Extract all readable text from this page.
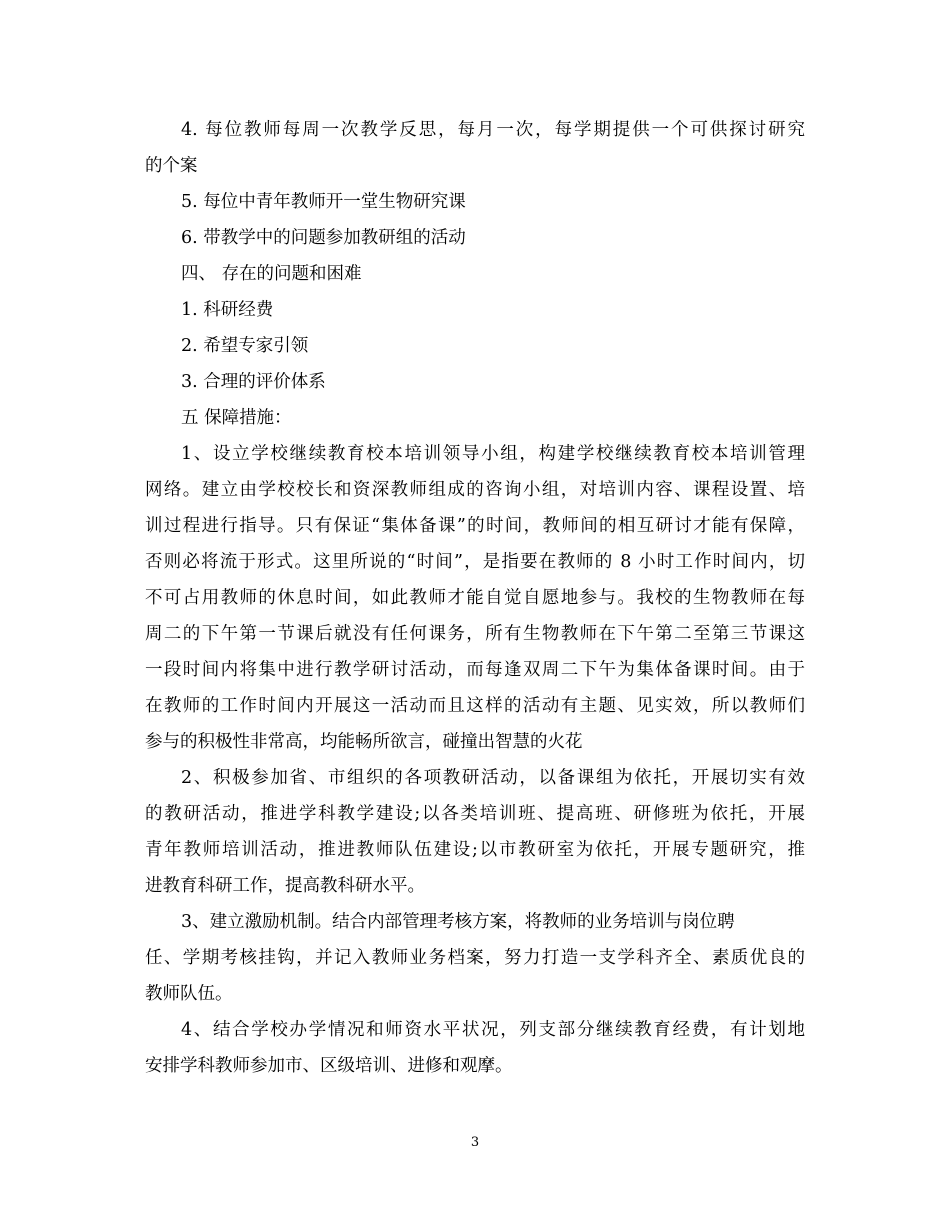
4. 每位教师每周一次教学反思，每月一次，每学期提供一个可供探讨研究
的个案
5. 每位中青年教师开一堂生物研究课
6. 带教学中的问题参加教研组的活动
四、 存在的问题和困难
1. 科研经费
2. 希望专家引领
3. 合理的评价体系
五 保障措施：
1、设立学校继续教育校本培训领导小组，构建学校继续教育校本培训管理
网络。建立由学校校长和资深教师组成的咨询小组，对培训内容、课程设置、培
训过程进行指导。只有保证“集体备课”的时间，教师间的相互研讨才能有保障，
否则必将流于形式。这里所说的“时间”，是指要在教师的 8 小时工作时间内，切
不可占用教师的休息时间，如此教师才能自觉自愿地参与。我校的生物教师在每
周二的下午第一节课后就没有任何课务，所有生物教师在下午第二至第三节课这
一段时间内将集中进行教学研讨活动，而每逢双周二下午为集体备课时间。由于
在教师的工作时间内开展这一活动而且这样的活动有主题、见实效，所以教师们
参与的积极性非常高，均能畅所欲言，碰撞出智慧的火花
2、积极参加省、市组织的各项教研活动，以备课组为依托，开展切实有效
的教研活动，推进学科教学建设;以各类培训班、提高班、研修班为依托，开展
青年教师培训活动，推进教师队伍建设;以市教研室为依托，开展专题研究，推
进教育科研工作，提高教科研水平。
3、建立激励机制。结合内部管理考核方案，将教师的业务培训与岗位聘
任、学期考核挂钩，并记入教师业务档案，努力打造一支学科齐全、素质优良的
教师队伍。
4、结合学校办学情况和师资水平状况，列支部分继续教育经费，有计划地
安排学科教师参加市、区级培训、进修和观摩。
3
